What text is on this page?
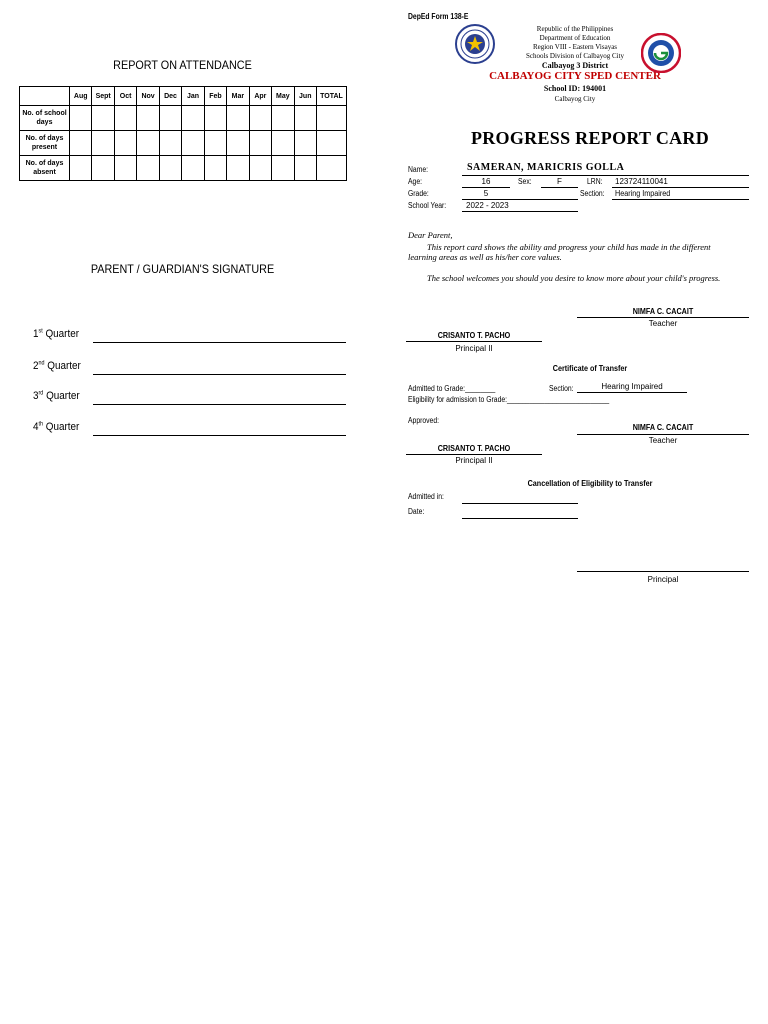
REPORT ON ATTENDANCE
	Aug	Sept	Oct	Nov	Dec	Jan	Feb	Mar	Apr	May	Jun	TOTAL
No. of school
days												
No. of days
present												
No. of days
absent												
PARENT / GUARDIAN'S SIGNATURE
1st Quarter
2nd Quarter
3rd Quarter
4th Quarter
DepEd Form 138-E
Republic of the Philippines
Department of Education
Region VIII - Eastern Visayas
Schools Division of Calbayog City
Calbayog 3 District
CALBAYOG CITY SPED CENTER
School ID: 194001
Calbayog City
PROGRESS REPORT CARD
Name:	SAMERAN, MARICRIS GOLLA
Age:	16	Sex:	F	LRN: 123724110041
Grade:	5	Section: Hearing Impaired
School Year: 2022 - 2023
Dear Parent,
This report card shows the ability and progress your child has made in the different
learning areas as well as his/her core values.
The school welcomes you should you desire to know more about your child's progress.
NIMFA C. CACAIT
Teacher
CRISANTO T. PACHO
Principal II
Certificate of Transfer
Admitted to Grade:________	Section:	Hearing Impaired
Eligibility for admission to Grade:___________________________
Approved:
NIMFA C. CACAIT
Teacher
CRISANTO T. PACHO
Principal II
Cancellation of Eligibility to Transfer
Admitted in:
Date:
Principal
